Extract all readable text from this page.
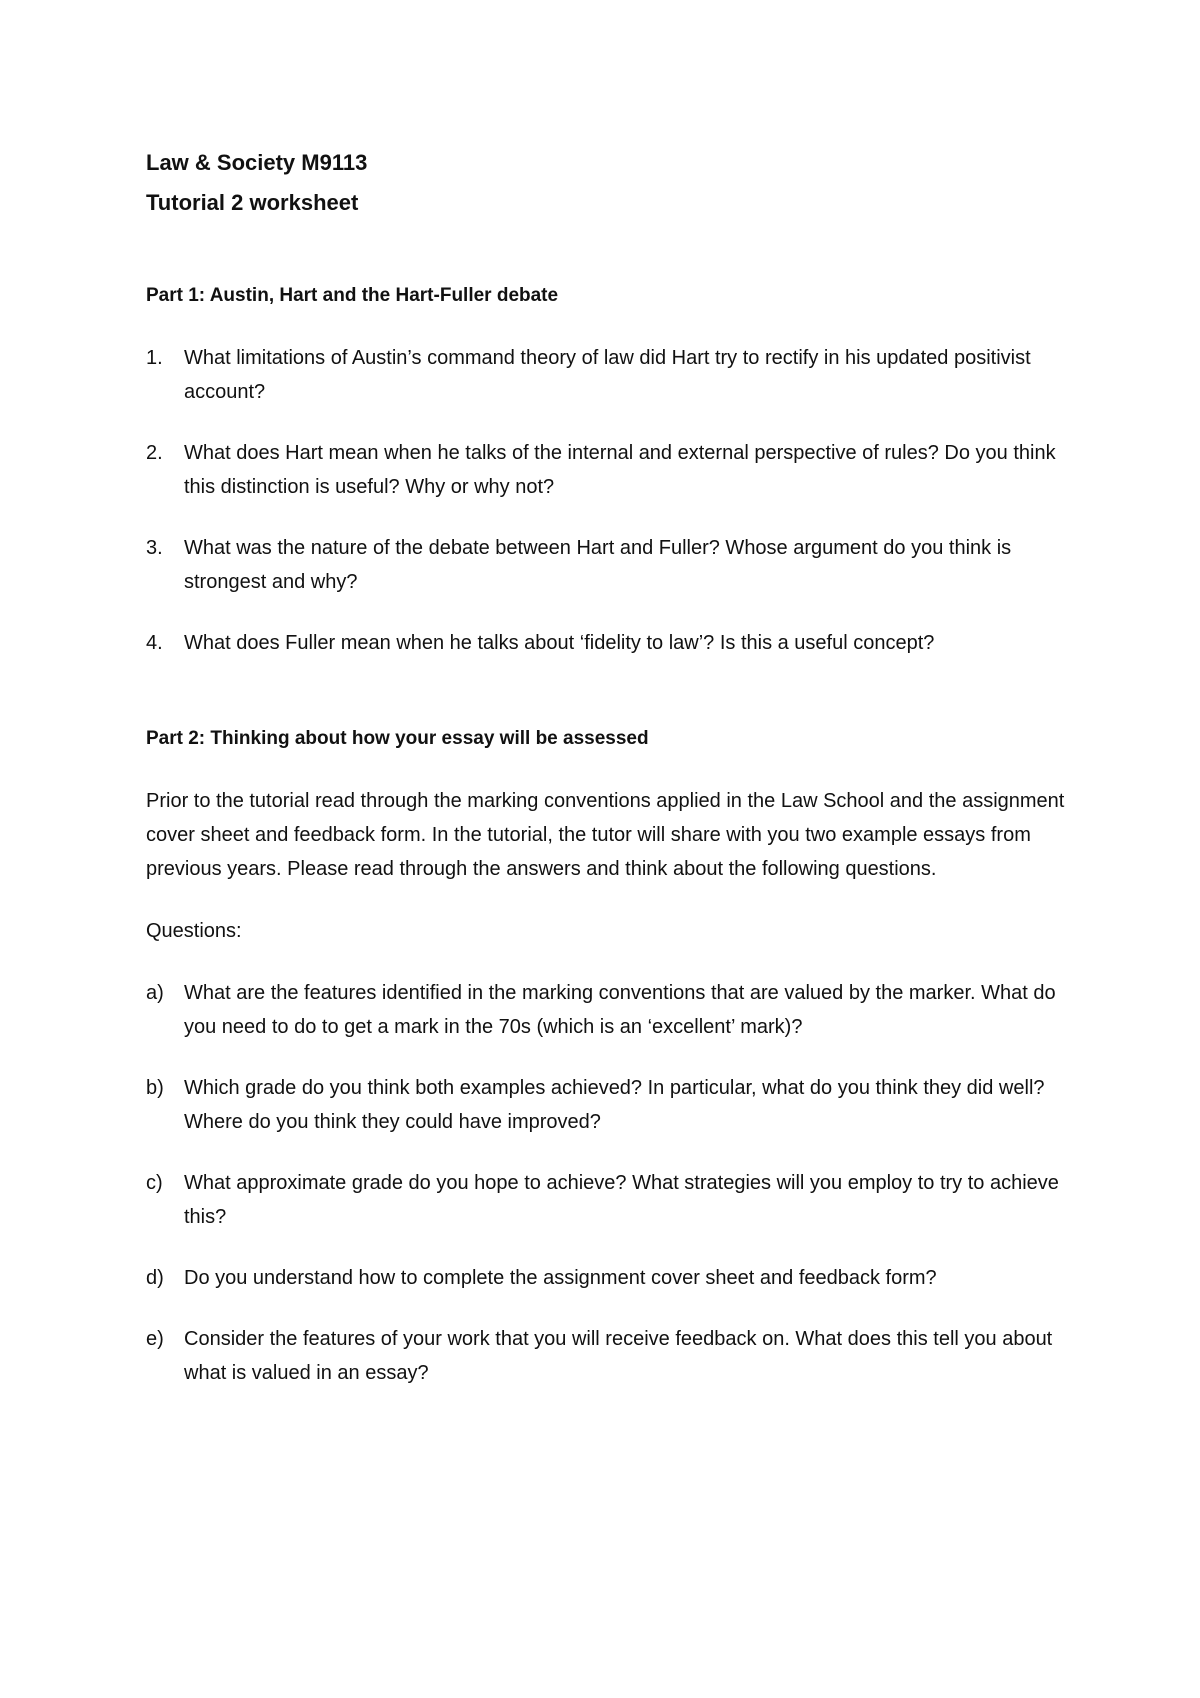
Law & Society M9113

Tutorial 2 worksheet

Part 1: Austin, Hart and the Hart-Fuller debate

1. What limitations of Austin’s command theory of law did Hart try to rectify in his updated positivist account?
2. What does Hart mean when he talks of the internal and external perspective of rules? Do you think this distinction is useful? Why or why not?
3. What was the nature of the debate between Hart and Fuller? Whose argument do you think is strongest and why?
4. What does Fuller mean when he talks about ‘fidelity to law’? Is this a useful concept?

Part 2: Thinking about how your essay will be assessed

Prior to the tutorial read through the marking conventions applied in the Law School and the assignment cover sheet and feedback form. In the tutorial, the tutor will share with you two example essays from previous years. Please read through the answers and think about the following questions.

Questions:

a) What are the features identified in the marking conventions that are valued by the marker. What do you need to do to get a mark in the 70s (which is an ‘excellent’ mark)?
b) Which grade do you think both examples achieved? In particular, what do you think they did well? Where do you think they could have improved?
c) What approximate grade do you hope to achieve? What strategies will you employ to try to achieve this?
d) Do you understand how to complete the assignment cover sheet and feedback form?
e) Consider the features of your work that you will receive feedback on. What does this tell you about what is valued in an essay?
